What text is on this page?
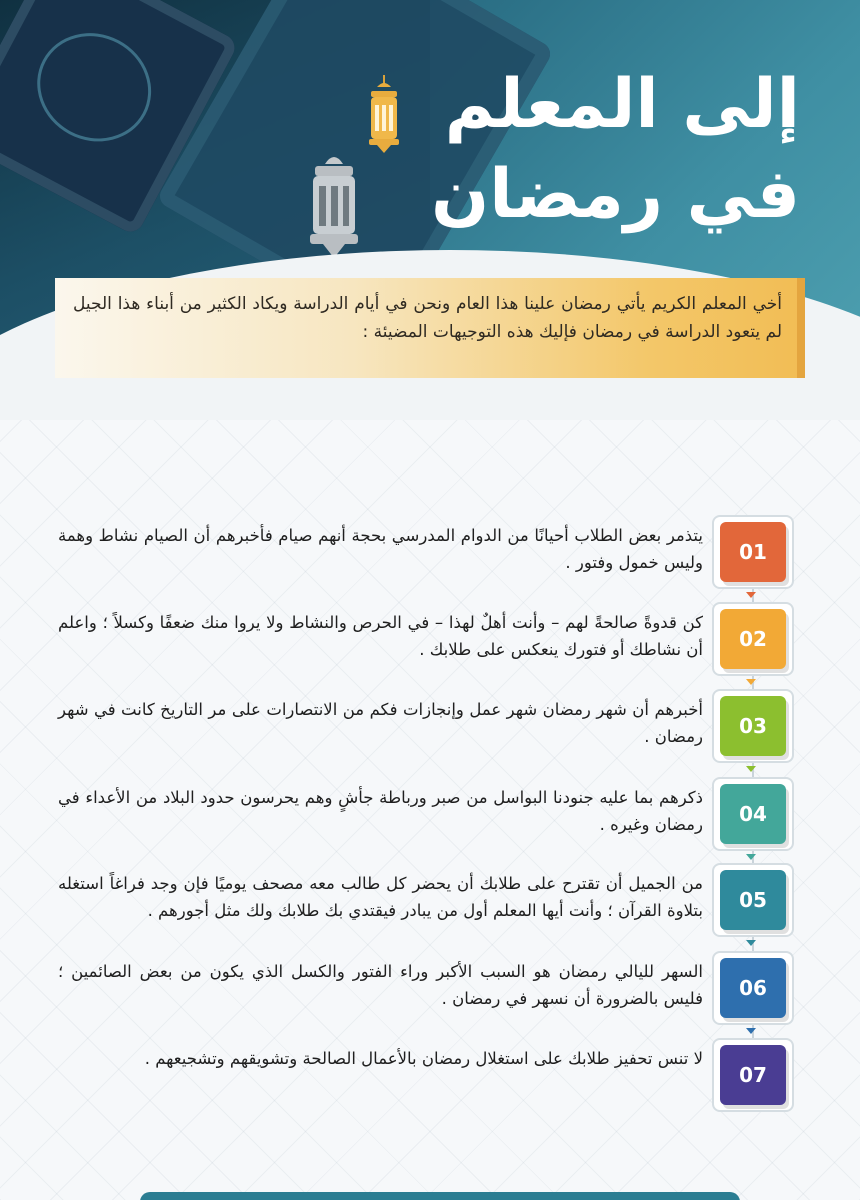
إلى المعلم
في رمضان
أخي المعلم الكريم يأتي رمضان علينا هذا العام ونحن في أيام الدراسة ويكاد الكثير من أبناء هذا الجيل لم يتعود الدراسة في رمضان فإليك هذه التوجيهات المضيئة :
01
يتذمر بعض الطلاب أحيانًا من الدوام المدرسي بحجة أنهم صيام فأخبرهم أن الصيام نشاط وهمة وليس خمول وفتور .
02
كن قدوةً صالحةً لهم – وأنت أهلٌ لهذا – في الحرص والنشاط ولا يروا منك ضعفًا وكسلاً ؛ واعلم أن نشاطك أو فتورك ينعكس على طلابك .
03
أخبرهم أن شهر رمضان شهر عمل وإنجازات فكم من الانتصارات على مر التاريخ كانت في شهر رمضان .
04
ذكرهم بما عليه جنودنا البواسل من صبر ورباطة جأشٍ وهم يحرسون حدود البلاد من الأعداء في رمضان وغيره .
05
من الجميل أن تقترح على طلابك أن يحضر كل طالب معه مصحف يوميًا فإن وجد فراغاً استغله بتلاوة القرآن ؛ وأنت أيها المعلم أول من يبادر فيقتدي بك طلابك ولك مثل أجورهم .
06
السهر لليالي رمضان هو السبب الأكبر وراء الفتور والكسل الذي يكون من بعض الصائمين ؛ فليس بالضرورة أن نسهر في رمضان .
07
لا تنس تحفيز طلابك على استغلال رمضان بالأعمال الصالحة وتشويقهم وتشجيعهم .
